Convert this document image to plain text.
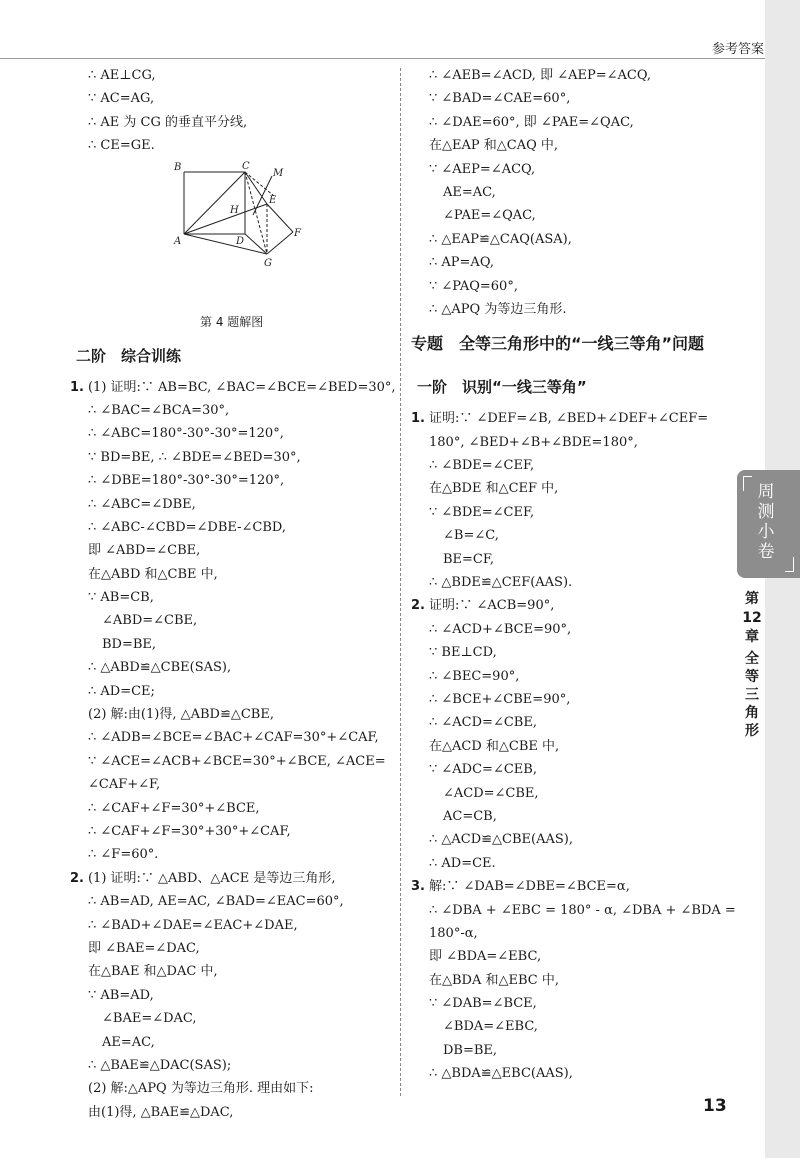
参考答案
∴ AE⊥CG,
∵ AC=AG,
∴ AE 为 CG 的垂直平分线,
∴ CE=GE.
B	C
M
H
E
A	D
F
G
第 4 题解图
二阶　综合训练
1. (1) 证明:∵ AB=BC, ∠BAC=∠BCE=∠BED=30°,
∴ ∠BAC=∠BCA=30°,
∴ ∠ABC=180°-30°-30°=120°,
∵ BD=BE, ∴ ∠BDE=∠BED=30°,
∴ ∠DBE=180°-30°-30°=120°,
∴ ∠ABC=∠DBE,
∴ ∠ABC-∠CBD=∠DBE-∠CBD,
即 ∠ABD=∠CBE,
在△ABD 和△CBE 中,
∵ AB=CB,
∠ABD=∠CBE,
BD=BE,
∴ △ABD≌△CBE(SAS),
∴ AD=CE;
(2) 解:由(1)得, △ABD≌△CBE,
∴ ∠ADB=∠BCE=∠BAC+∠CAF=30°+∠CAF,
∵ ∠ACE=∠ACB+∠BCE=30°+∠BCE, ∠ACE=
∠CAF+∠F,
∴ ∠CAF+∠F=30°+∠BCE,
∴ ∠CAF+∠F=30°+30°+∠CAF,
∴ ∠F=60°.
2. (1) 证明:∵ △ABD、△ACE 是等边三角形,
∴ AB=AD, AE=AC, ∠BAD=∠EAC=60°,
∴ ∠BAD+∠DAE=∠EAC+∠DAE,
即 ∠BAE=∠DAC,
在△BAE 和△DAC 中,
∵ AB=AD,
∠BAE=∠DAC,
AE=AC,
∴ △BAE≌△DAC(SAS);
(2) 解:△APQ 为等边三角形. 理由如下:
由(1)得, △BAE≌△DAC,
∴ ∠AEB=∠ACD, 即 ∠AEP=∠ACQ,
∵ ∠BAD=∠CAE=60°,
∴ ∠DAE=60°, 即 ∠PAE=∠QAC,
在△EAP 和△CAQ 中,
∵ ∠AEP=∠ACQ,
AE=AC,
∠PAE=∠QAC,
∴ △EAP≌△CAQ(ASA),
∴ AP=AQ,
∵ ∠PAQ=60°,
∴ △APQ 为等边三角形.
专题　全等三角形中的“一线三等角”问题
一阶　识别“一线三等角”
1. 证明:∵ ∠DEF=∠B, ∠BED+∠DEF+∠CEF=
180°, ∠BED+∠B+∠BDE=180°,
∴ ∠BDE=∠CEF,
在△BDE 和△CEF 中,
∵ ∠BDE=∠CEF,
∠B=∠C,
BE=CF,
∴ △BDE≌△CEF(AAS).
2. 证明:∵ ∠ACB=90°,
∴ ∠ACD+∠BCE=90°,
∵ BE⊥CD,
∴ ∠BEC=90°,
∴ ∠BCE+∠CBE=90°,
∴ ∠ACD=∠CBE,
在△ACD 和△CBE 中,
∵ ∠ADC=∠CEB,
∠ACD=∠CBE,
AC=CB,
∴ △ACD≌△CBE(AAS),
∴ AD=CE.
3. 解:∵ ∠DAB=∠DBE=∠BCE=α,
∴ ∠DBA + ∠EBC = 180° - α, ∠DBA + ∠BDA =
180°-α,
即 ∠BDA=∠EBC,
在△BDA 和△EBC 中,
∵ ∠DAB=∠BCE,
∠BDA=∠EBC,
DB=BE,
∴ △BDA≌△EBC(AAS),
周测小卷
第12章
全等三角形
13
